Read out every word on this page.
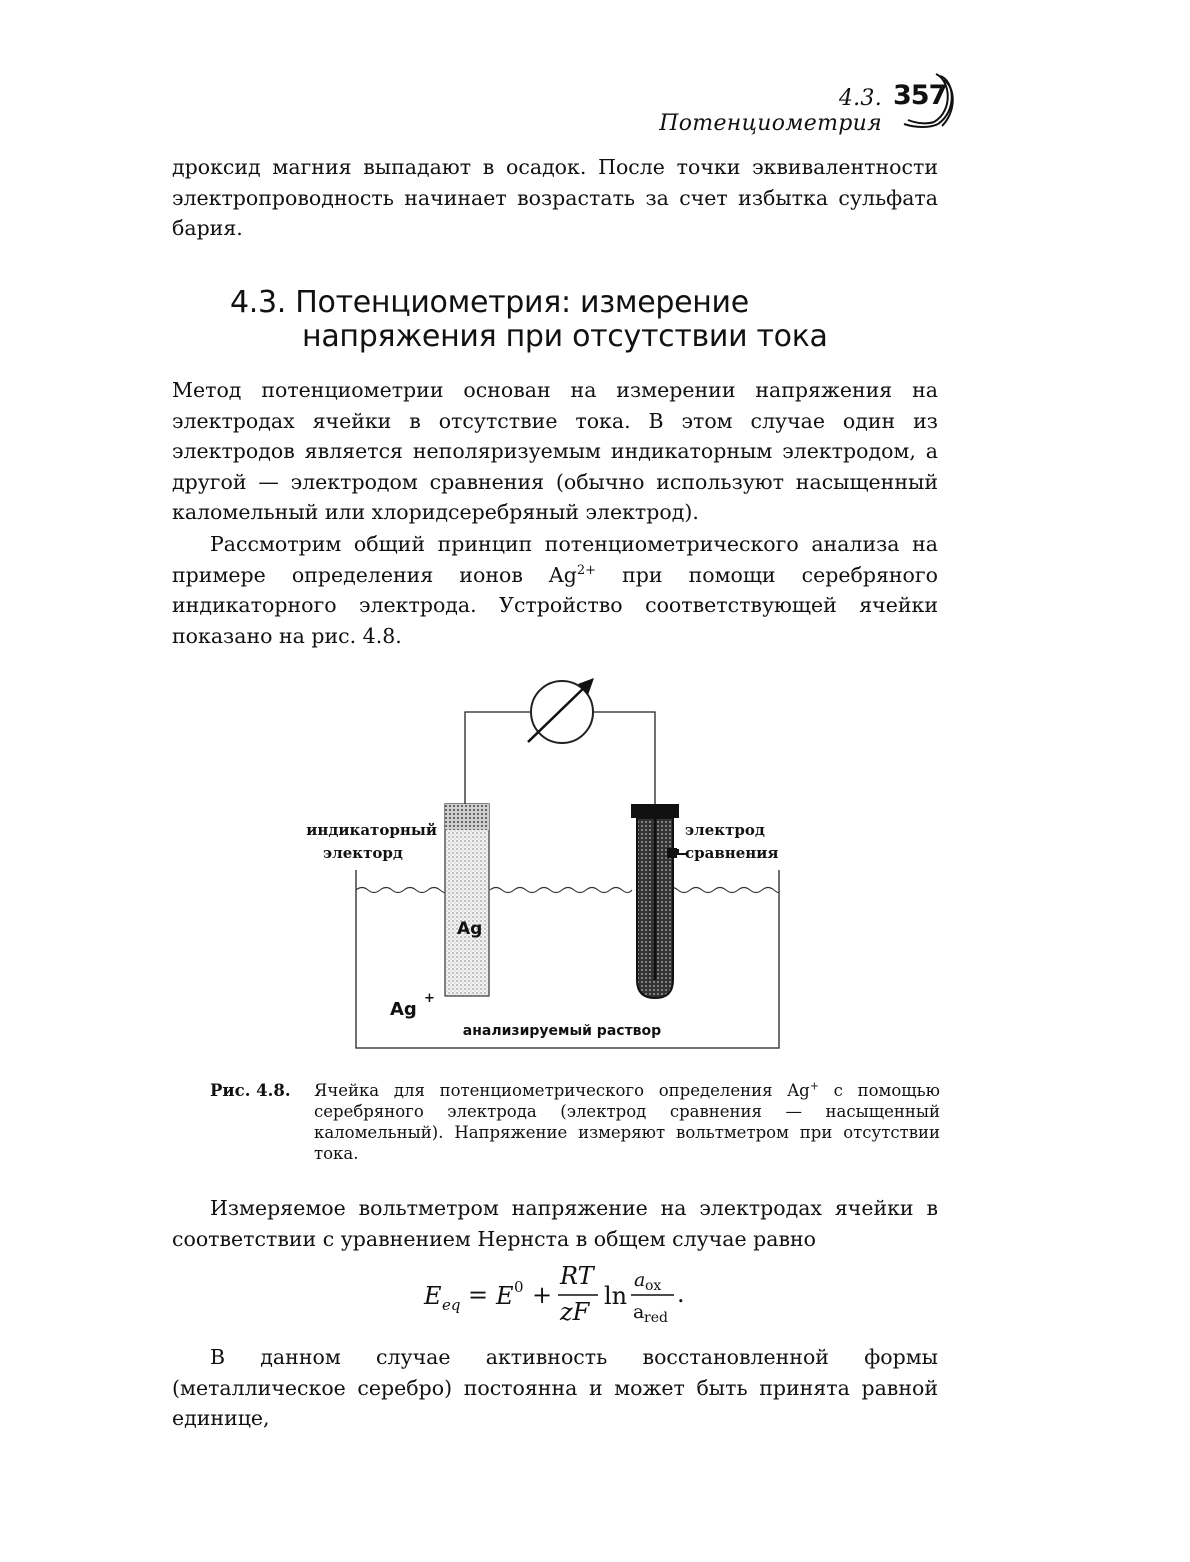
4.3. Потенциометрия
357

дроксид магния выпадают в осадок. После точки эквивалентности электропроводность начинает возрастать за счет избытка сульфата бария.

4.3. Потенциометрия: измерение
напряжения при отсутствии тока

Метод потенциометрии основан на измерении напряжения на электродах ячейки в отсутствие тока. В этом случае один из электродов является неполяризуемым индикаторным электродом, а другой — электродом сравнения (обычно используют насыщенный каломельный или хлоридсеребряный электрод).

Рассмотрим общий принцип потенциометрического анализа на примере определения ионов $Ag^{2+}$ при помощи серебряного индикаторного электрода. Устройство соответствующей ячейки показано на рис. 4.8.

индикаторный
электорд
электрод
сравнения
Ag
Ag
+
анализируемый раствор
Рис. 4.8. Ячейка для потенциометрического определения Ag+ с помощью серебряного электрода (электрод сравнения — насыщенный каломельный). Напряжение измеряют вольтметром при отсутствии тока.

Измеряемое вольтметром напряжение на электродах ячейки в соответствии с уравнением Нернста в общем случае равно

E eq = E 0 +
RT
zF
ln
a ox
a red
.

В данном случае активность восстановленной формы (металлическое серебро) постоянна и может быть принята равной единице,
